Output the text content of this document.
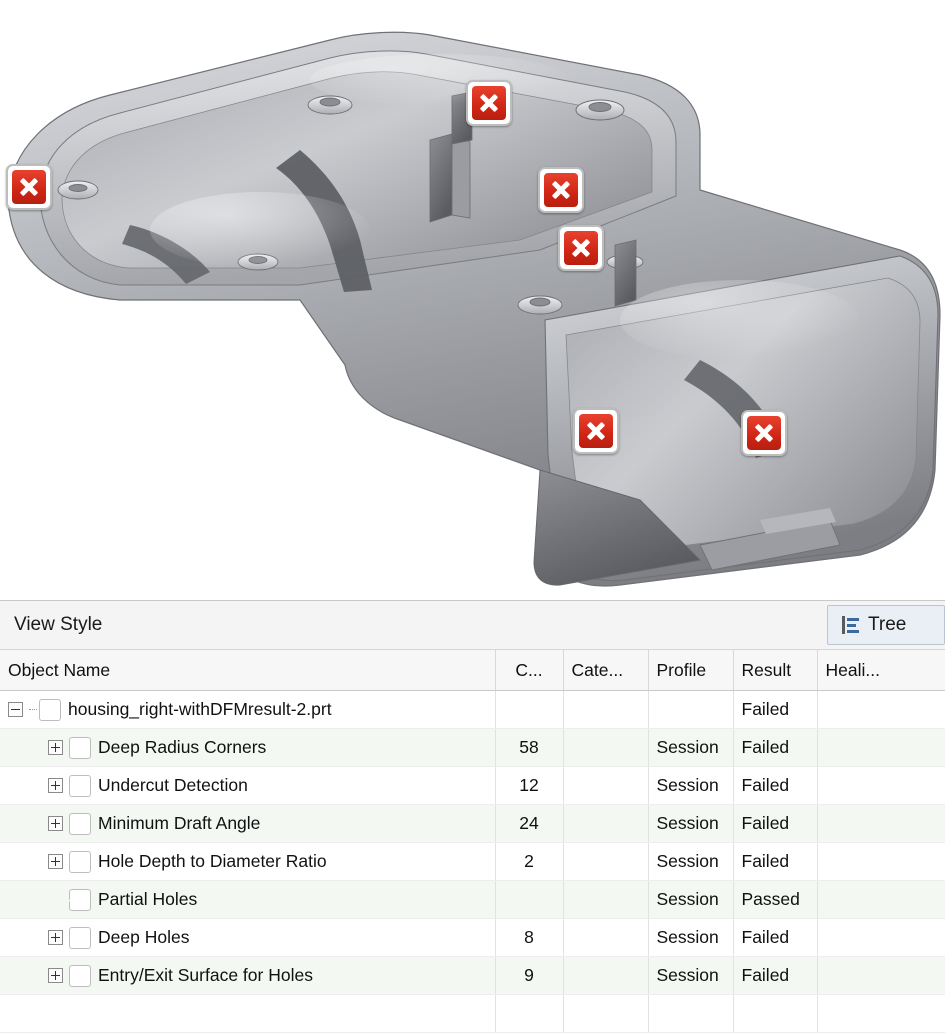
View Style	Tree
Object Name	C...	Cate...	Profile	Result	Heali...

housing_right-withDFMresult-2.prt				Failed	

Deep Radius Corners	58		Session	Failed	

Undercut Detection	12		Session	Failed	

Minimum Draft Angle	24		Session	Failed	

Hole Depth to Diameter Ratio	2		Session	Failed	

Partial Holes			Session	Passed	

Deep Holes	8		Session	Failed	

Entry/Exit Surface for Holes	9		Session	Failed	
